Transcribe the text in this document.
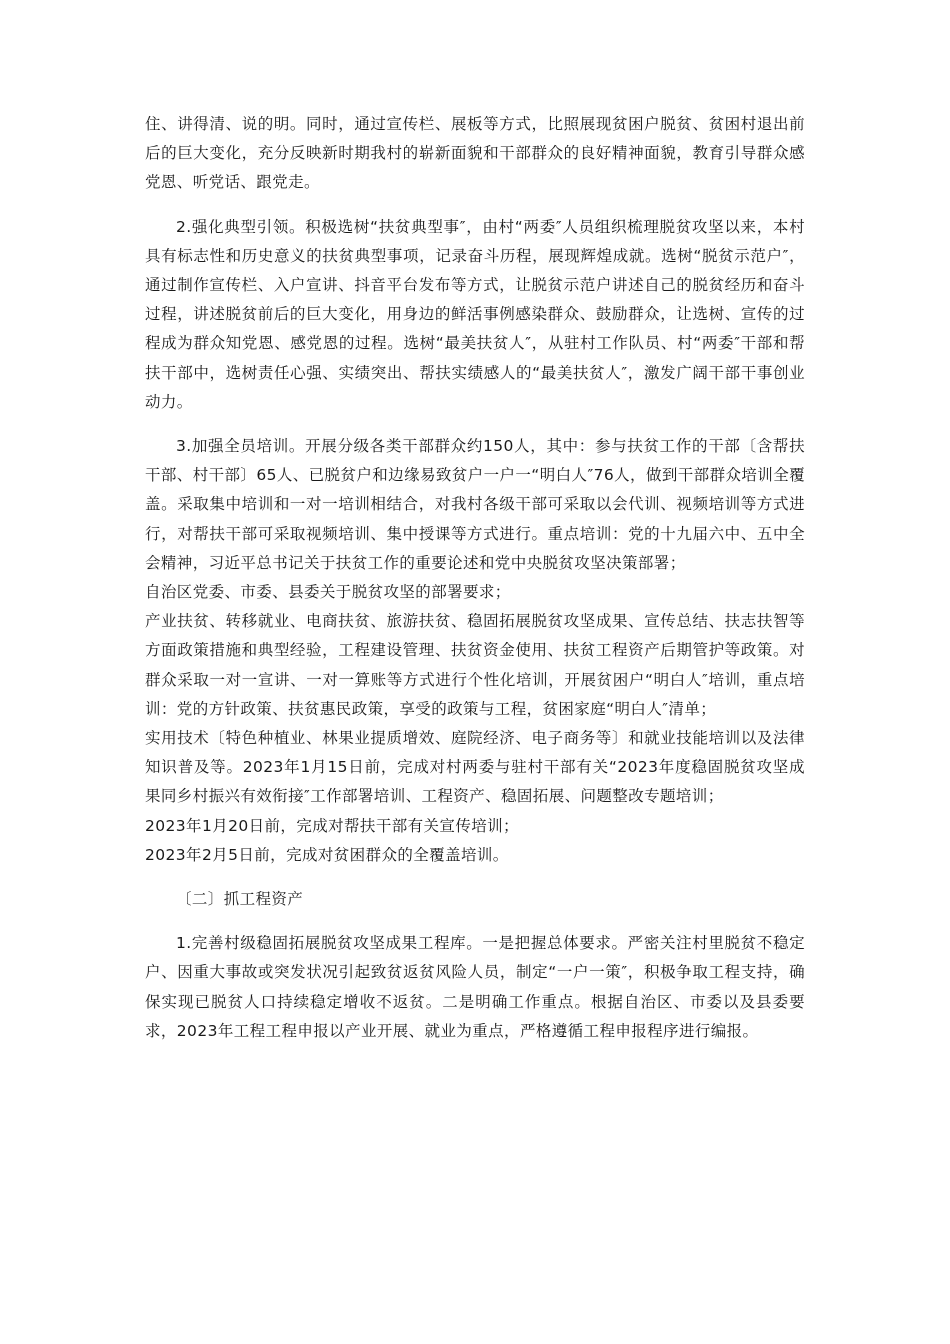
住、讲得清、说的明。同时，通过宣传栏、展板等方式，比照展现贫困户脱贫、贫困村退出前后的巨大变化，充分反映新时期我村的崭新面貌和干部群众的良好精神面貌，教育引导群众感党恩、听党话、跟党走。

2.强化典型引领。积极选树“扶贫典型事″，由村“两委″人员组织梳理脱贫攻坚以来，本村具有标志性和历史意义的扶贫典型事项，记录奋斗历程，展现辉煌成就。选树“脱贫示范户″，通过制作宣传栏、入户宣讲、抖音平台发布等方式，让脱贫示范户讲述自己的脱贫经历和奋斗过程，讲述脱贫前后的巨大变化，用身边的鲜活事例感染群众、鼓励群众，让选树、宣传的过程成为群众知党恩、感党恩的过程。选树“最美扶贫人″，从驻村工作队员、村“两委″干部和帮扶干部中，选树责任心强、实绩突出、帮扶实绩感人的“最美扶贫人″，激发广阔干部干事创业动力。

3.加强全员培训。开展分级各类干部群众约150人，其中：参与扶贫工作的干部〔含帮扶干部、村干部〕65人、已脱贫户和边缘易致贫户一户一“明白人″76人，做到干部群众培训全覆盖。采取集中培训和一对一培训相结合，对我村各级干部可采取以会代训、视频培训等方式进行，对帮扶干部可采取视频培训、集中授课等方式进行。重点培训：党的十九届六中、五中全会精神，习近平总书记关于扶贫工作的重要论述和党中央脱贫攻坚决策部署；

自治区党委、市委、县委关于脱贫攻坚的部署要求；

产业扶贫、转移就业、电商扶贫、旅游扶贫、稳固拓展脱贫攻坚成果、宣传总结、扶志扶智等方面政策措施和典型经验，工程建设管理、扶贫资金使用、扶贫工程资产后期管护等政策。对群众采取一对一宣讲、一对一算账等方式进行个性化培训，开展贫困户“明白人″培训，重点培训：党的方针政策、扶贫惠民政策，享受的政策与工程，贫困家庭“明白人″清单；

实用技术〔特色种植业、林果业提质增效、庭院经济、电子商务等〕和就业技能培训以及法律知识普及等。2023年1月15日前，完成对村两委与驻村干部有关“2023年度稳固脱贫攻坚成果同乡村振兴有效衔接″工作部署培训、工程资产、稳固拓展、问题整改专题培训；

2023年1月20日前，完成对帮扶干部有关宣传培训；

2023年2月5日前，完成对贫困群众的全覆盖培训。

〔二〕抓工程资产

1.完善村级稳固拓展脱贫攻坚成果工程库。一是把握总体要求。严密关注村里脱贫不稳定户、因重大事故或突发状况引起致贫返贫风险人员，制定“一户一策″，积极争取工程支持，确保实现已脱贫人口持续稳定增收不返贫。二是明确工作重点。根据自治区、市委以及县委要求，2023年工程工程申报以产业开展、就业为重点，严格遵循工程申报程序进行编报。
